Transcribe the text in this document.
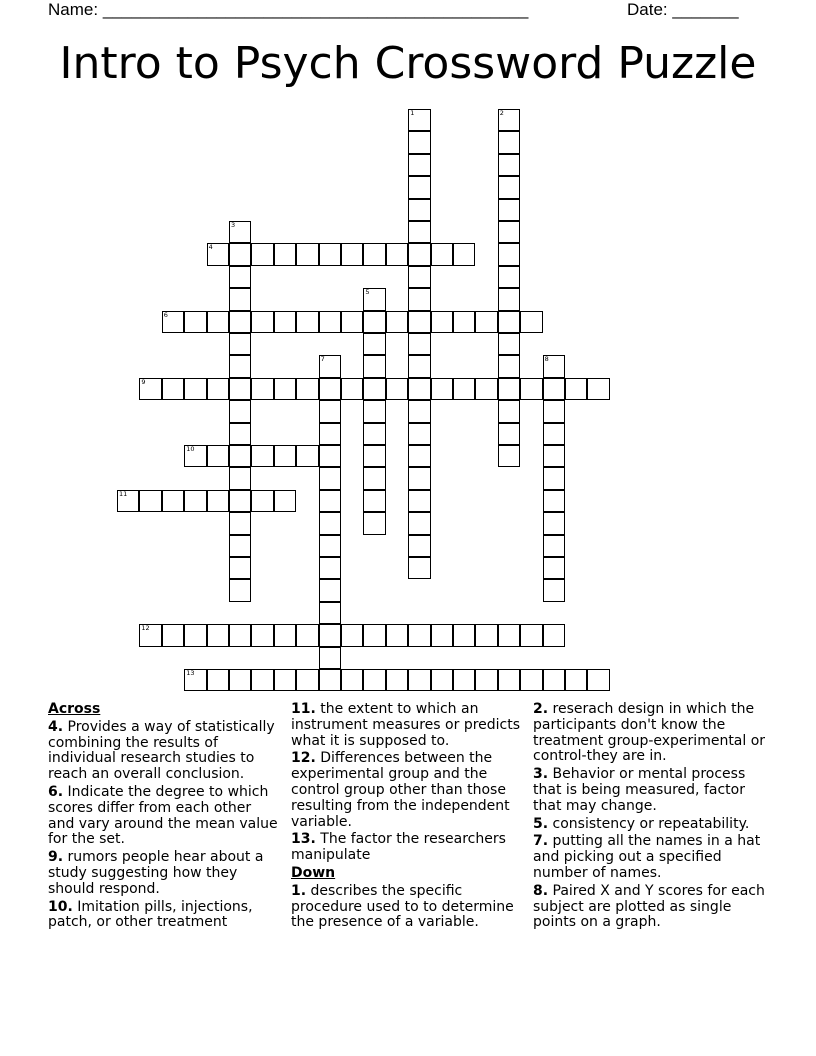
Name: _____________________________________________	Date: _______
Intro to Psych Crossword Puzzle
1	2
3
4
5
6
7	8
9
10
11
12
13
Across
4. Provides a way of statistically combining the results of individual research studies to reach an overall conclusion.
6. Indicate the degree to which scores differ from each other and vary around the mean value for the set.
9. rumors people hear about a study suggesting how they should respond.
10. Imitation pills, injections, patch, or other treatment
11. the extent to which an instrument measures or predicts what it is supposed to.
12. Differences between the experimental group and the control group other than those resulting from the independent variable.
13. The factor the researchers manipulate
Down
1. describes the specific procedure used to to determine the presence of a variable.
2. reserach design in which the participants don't know the treatment group-experimental or control-they are in.
3. Behavior or mental process that is being measured, factor that may change.
5. consistency or repeatability.
7. putting all the names in a hat and picking out a specified number of names.
8. Paired X and Y scores for each subject are plotted as single points on a graph.
